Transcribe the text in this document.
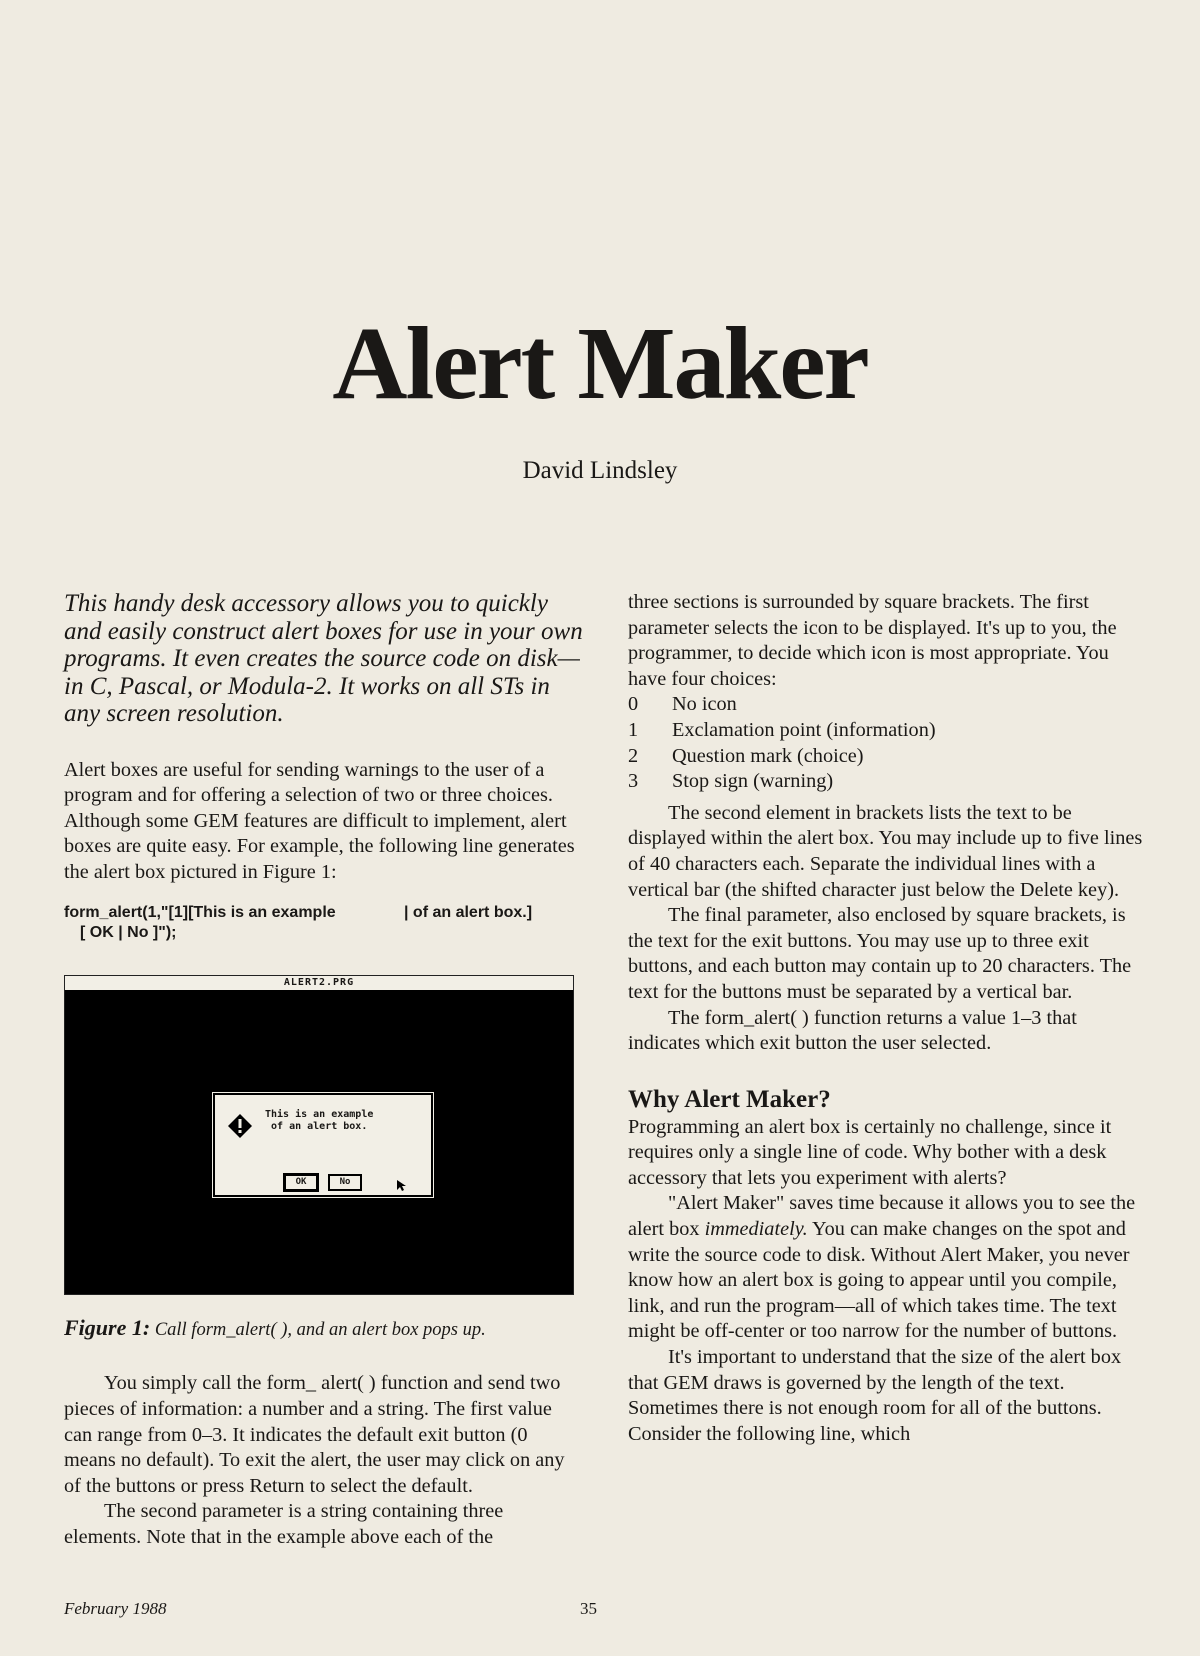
Alert Maker
David Lindsley

This handy desk accessory allows you to quickly and easily construct alert boxes for use in your own programs. It even creates the source code on disk—in C, Pascal, or Modula-2. It works on all STs in any screen resolution.

Alert boxes are useful for sending warnings to the user of a program and for offering a selection of two or three choices. Although some GEM features are difficult to implement, alert boxes are quite easy. For example, the following line generates the alert box pictured in Figure 1:

form_alert(1,"[1][This is an example	| of an alert box.]
[ OK | No ]");
ALERT2.PRG
This is an example
of an alert box.
OK	No
Figure 1: Call form_alert( ), and an alert box pops up.

You simply call the form_ alert( ) function and send two pieces of information: a number and a string. The first value can range from 0–3. It indicates the default exit button (0 means no default). To exit the alert, the user may click on any of the buttons or press Return to select the default.

The second parameter is a string containing three elements. Note that in the example above each of the

three sections is surrounded by square brackets. The first parameter selects the icon to be displayed. It's up to you, the programmer, to decide which icon is most appropriate. You have four choices:

0 No icon
1 Exclamation point (information)
2 Question mark (choice)
3 Stop sign (warning)

The second element in brackets lists the text to be displayed within the alert box. You may include up to five lines of 40 characters each. Separate the individual lines with a vertical bar (the shifted character just below the Delete key).

The final parameter, also enclosed by square brackets, is the text for the exit buttons. You may use up to three exit buttons, and each button may contain up to 20 characters. The text for the buttons must be separated by a vertical bar.

The form_alert( ) function returns a value 1–3 that indicates which exit button the user selected.

Why Alert Maker?

Programming an alert box is certainly no challenge, since it requires only a single line of code. Why bother with a desk accessory that lets you experiment with alerts?

"Alert Maker" saves time because it allows you to see the alert box immediately. You can make changes on the spot and write the source code to disk. Without Alert Maker, you never know how an alert box is going to appear until you compile, link, and run the program—all of which takes time. The text might be off-center or too narrow for the number of buttons.

It's important to understand that the size of the alert box that GEM draws is governed by the length of the text. Sometimes there is not enough room for all of the buttons. Consider the following line, which

February 1988	35
